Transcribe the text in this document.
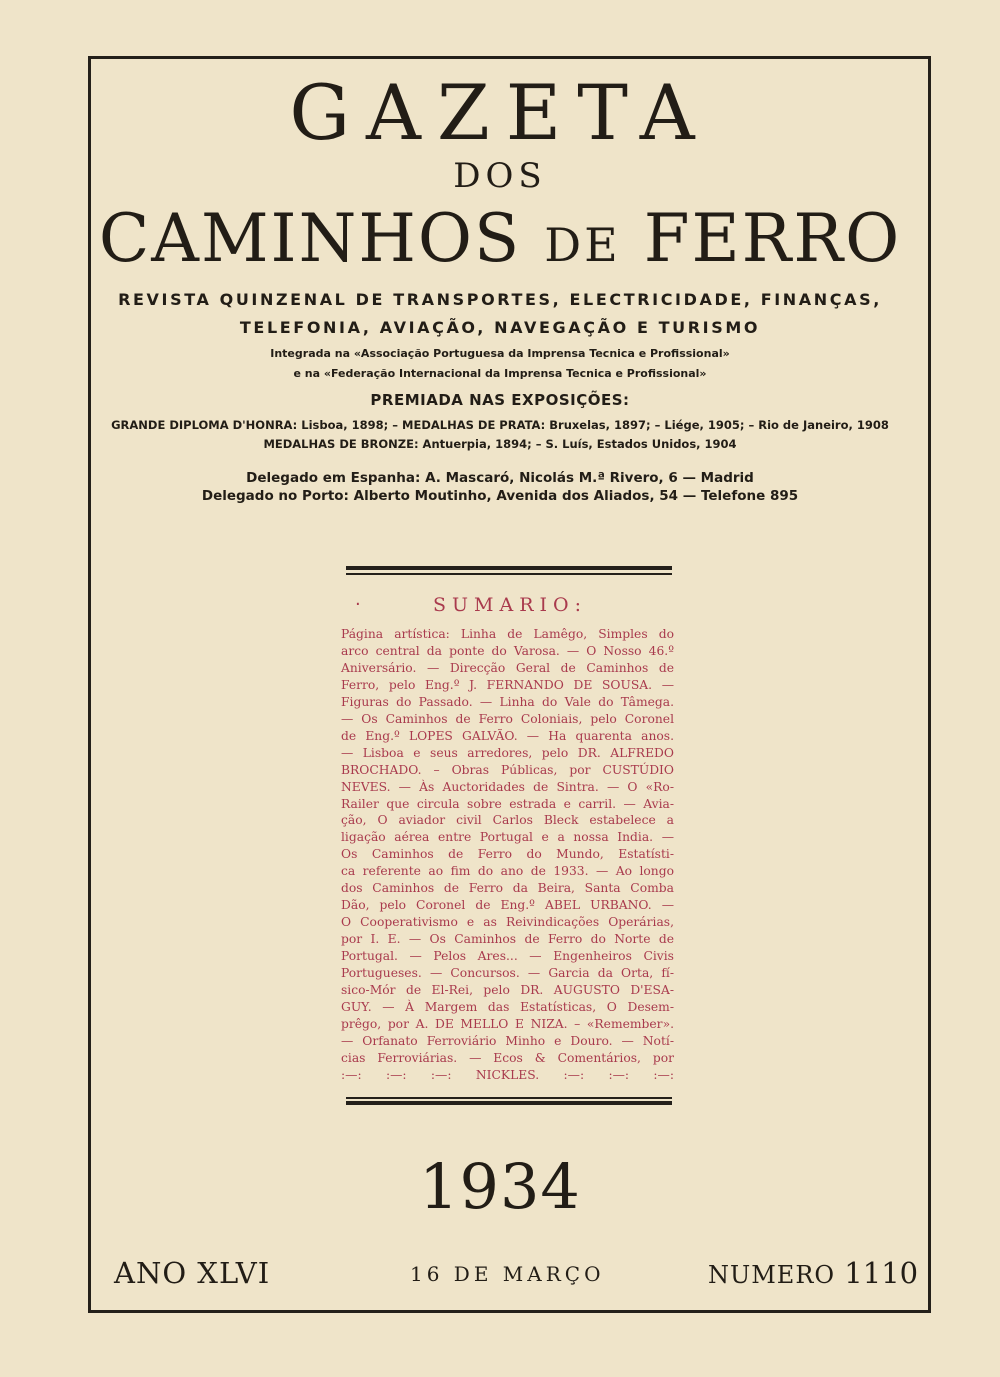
GAZETA
DOS
CAMINHOS DE FERRO
REVISTA QUINZENAL DE TRANSPORTES, ELECTRICIDADE, FINANÇAS,
TELEFONIA, AVIAÇÃO, NAVEGAÇÃO E TURISMO
Integrada na «Associação Portuguesa da Imprensa Tecnica e Profissional»
e na «Federação Internacional da Imprensa Tecnica e Profissional»
PREMIADA NAS EXPOSIÇÕES:
GRANDE DIPLOMA D'HONRA: Lisboa, 1898; – MEDALHAS DE PRATA: Bruxelas, 1897; – Liége, 1905; – Rio de Janeiro, 1908
MEDALHAS DE BRONZE: Antuerpia, 1894; – S. Luís, Estados Unidos, 1904
Delegado em Espanha: A. Mascaró, Nicolás M.ª Rivero, 6 — Madrid
Delegado no Porto: Alberto Moutinho, Avenida dos Aliados, 54 — Telefone 895
·	SUMARIO:
Página artística: Linha de Lamêgo, Simples do
arco central da ponte do Varosa. — O Nosso 46.º
Aniversário. — Direcção Geral de Caminhos de
Ferro, pelo Eng.º J. FERNANDO DE SOUSA. —
Figuras do Passado. — Linha do Vale do Tâmega.
— Os Caminhos de Ferro Coloniais, pelo Coronel
de Eng.º LOPES GALVÃO. — Ha quarenta anos.
— Lisboa e seus arredores, pelo DR. ALFREDO
BROCHADO. – Obras Públicas, por CUSTÚDIO
NEVES. — Às Auctoridades de Sintra. — O «Ro-
Railer que circula sobre estrada e carril. — Avia-
ção, O aviador civil Carlos Bleck estabelece a
ligação aérea entre Portugal e a nossa India. —
Os Caminhos de Ferro do Mundo, Estatísti-
ca referente ao fim do ano de 1933. — Ao longo
dos Caminhos de Ferro da Beira, Santa Comba
Dão, pelo Coronel de Eng.º ABEL URBANO. —
O Cooperativismo e as Reivindicações Operárias,
por I. E. — Os Caminhos de Ferro do Norte de
Portugal. — Pelos Ares... — Engenheiros Civis
Portugueses. — Concursos. — Garcia da Orta, fí-
sico-Mór de El-Rei, pelo DR. AUGUSTO D'ESA-
GUY. — À Margem das Estatísticas, O Desem-
prêgo, por A. DE MELLO E NIZA. – «Remember».
— Orfanato Ferroviário Minho e Douro. — Notí-
cias Ferroviárias. — Ecos & Comentários, por
:—: :—: :—: NICKLES. :—: :—: :—:
1934
ANO XLVI	16 DE MARÇO	NUMERO 1110
